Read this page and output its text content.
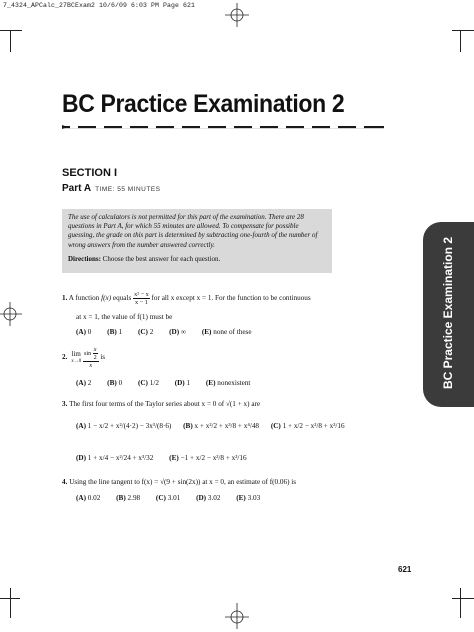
7_4324_APCalc_27BCExam2 10/6/09 6:03 PM Page 621
BC Practice Examination 2
SECTION I
Part A TIME: 55 MINUTES
The use of calculators is not permitted for this part of the examination. There are 28 questions in Part A, for which 55 minutes are allowed. To compensate for possible guessing, the grade on this part is determined by subtracting one-fourth of the number of wrong answers from the number answered correctly.
Directions: Choose the best answer for each question.	BC Practice Examination 2
1. A function f(x) equals $\frac{\text{x² − x}}{x - 1}$ for all x except x = 1. For the function to be continuous
at x = 1, the value of f(1) must be
(A) 0 (B) 1 (C) 2 (D) ∞ (E) none of these
2. lim
x→0
$\frac{\sin \frac{x}{2}}{x}$ is
(A) 2 (B) 0 (C) 1/2 (D) 1 (E) nonexistent
3. The first four terms of the Taylor series about x = 0 of √(1 + x) are
(A) 1 − x/2 + x²/(4·2) − 3x³/(8·6) (B) x + x²/2 + x³/8 + x⁴/48 (C) 1 + x/2 − x²/8 + x³/16
(D) 1 + x/4 − x²/24 + x³/32 (E) −1 + x/2 − x²/8 + x³/16
4. Using the line tangent to f(x) = √(9 + sin(2x)) at x = 0, an estimate of f(0.06) is
(A) 0.02 (B) 2.98 (C) 3.01 (D) 3.02 (E) 3.03
621
